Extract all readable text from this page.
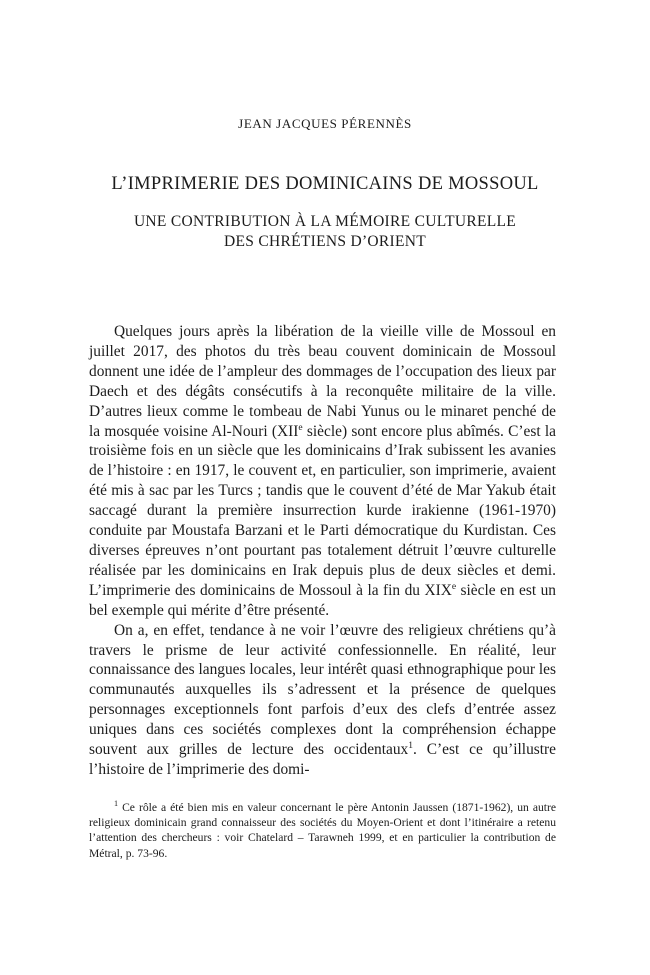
JEAN JACQUES PÉRENNÈS
L’IMPRIMERIE DES DOMINICAINS DE MOSSOUL
UNE CONTRIBUTION À LA MÉMOIRE CULTURELLE
DES CHRÉTIENS D’ORIENT

Quelques jours après la libération de la vieille ville de Mossoul en juillet 2017, des photos du très beau couvent dominicain de Mossoul donnent une idée de l’ampleur des dommages de l’occupation des lieux par Daech et des dégâts consécutifs à la reconquête militaire de la ville. D’autres lieux comme le tombeau de Nabi Yunus ou le minaret penché de la mosquée voisine Al-Nouri (XIIe siècle) sont encore plus abîmés. C’est la troisième fois en un siècle que les dominicains d’Irak subissent les avanies de l’histoire : en 1917, le couvent et, en particulier, son imprimerie, avaient été mis à sac par les Turcs ; tandis que le couvent d’été de Mar Yakub était saccagé durant la première insurrection kurde irakienne (1961-1970) conduite par Moustafa Barzani et le Parti démocratique du Kurdistan. Ces diverses épreuves n’ont pourtant pas totalement détruit l’œuvre culturelle réalisée par les dominicains en Irak depuis plus de deux siècles et demi. L’imprimerie des dominicains de Mossoul à la fin du XIXe siècle en est un bel exemple qui mérite d’être présenté.

On a, en effet, tendance à ne voir l’œuvre des religieux chrétiens qu’à travers le prisme de leur activité confessionnelle. En réalité, leur connaissance des langues locales, leur intérêt quasi ethnographique pour les communautés auxquelles ils s’adressent et la présence de quelques personnages exceptionnels font parfois d’eux des clefs d’entrée assez uniques dans ces sociétés complexes dont la compréhension échappe souvent aux grilles de lecture des occidentaux$^1$. C’est ce qu’illustre l’histoire de l’imprimerie des domi-

$^1$ Ce rôle a été bien mis en valeur concernant le père Antonin Jaussen (1871-1962), un autre religieux dominicain grand connaisseur des sociétés du Moyen-Orient et dont l’itinéraire a retenu l’attention des chercheurs : voir Chatelard – Tarawneh 1999, et en particulier la contribution de Métral, p. 73-96.
